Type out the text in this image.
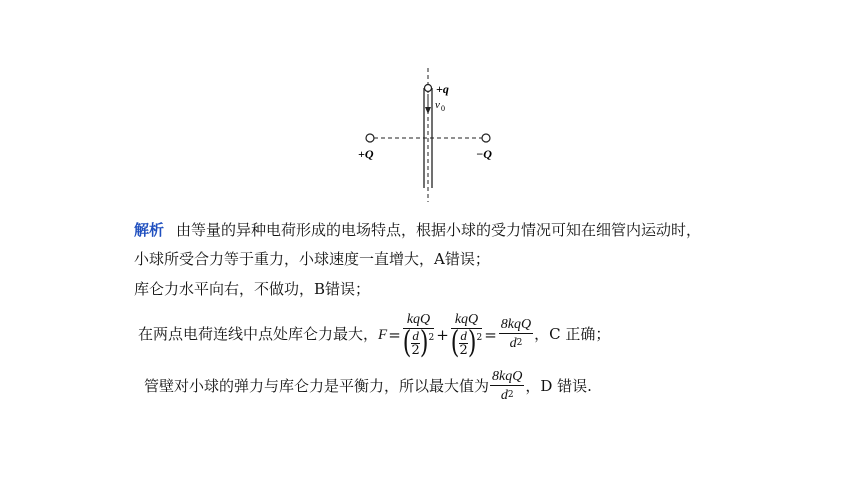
+q
v 0
+Q	−Q
解析 由等量的异种电荷形成的电场特点，根据小球的受力情况可知在细管内运动时，
小球所受合力等于重力，小球速度一直增大，A错误；
库仑力水平向右，不做功，B错误；
在两点电荷连线中点处库仑力最大，$F= \frac{\text{kqQ}}{( \frac{d}{2} )^2} + \frac{\text{kqQ}}{( \frac{d}{2} )^2} = \frac{\text{8kqQ}}{d^2}$ ，C 正确；
管壁对小球的弹力与库仑力是平衡力，所以最大值为 $\frac{\text{8kqQ}}{d^2}$ ，D 错误.
